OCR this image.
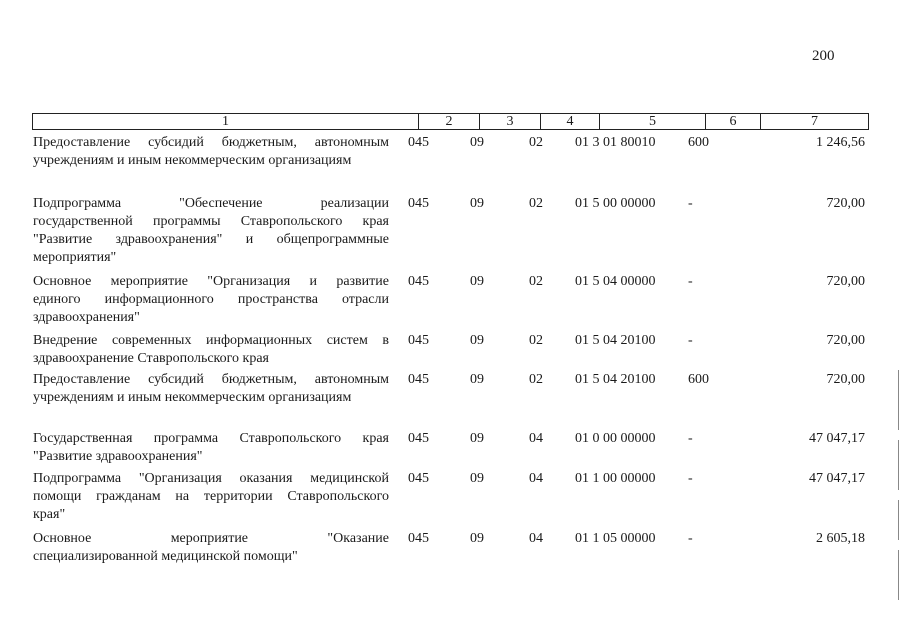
200
1	2	3	4	5	6	7
Предоставление субсидий бюджетным, автономным
учреждениям и иным некоммерческим организациям
045	09	02	01 3 01 80010	600	1 246,56
Подпрограмма "Обеспечение реализации
государственной программы Ставропольского края
"Развитие здравоохранения" и общепрограммные
мероприятия"
045	09	02	01 5 00 00000	-	720,00
Основное мероприятие "Организация и развитие
единого информационного пространства отрасли
здравоохранения"
045	09	02	01 5 04 00000	-	720,00
Внедрение современных информационных систем в
здравоохранение Ставропольского края
045	09	02	01 5 04 20100	-	720,00
Предоставление субсидий бюджетным, автономным
учреждениям и иным некоммерческим организациям
045	09	02	01 5 04 20100	600	720,00
Государственная программа Ставропольского края
"Развитие здравоохранения"
045	09	04	01 0 00 00000	-	47 047,17
Подпрограмма "Организация оказания медицинской
помощи гражданам на территории Ставропольского
края"
045	09	04	01 1 00 00000	-	47 047,17
Основное мероприятие "Оказание
специализированной медицинской помощи"
045	09	04	01 1 05 00000	-	2 605,18
